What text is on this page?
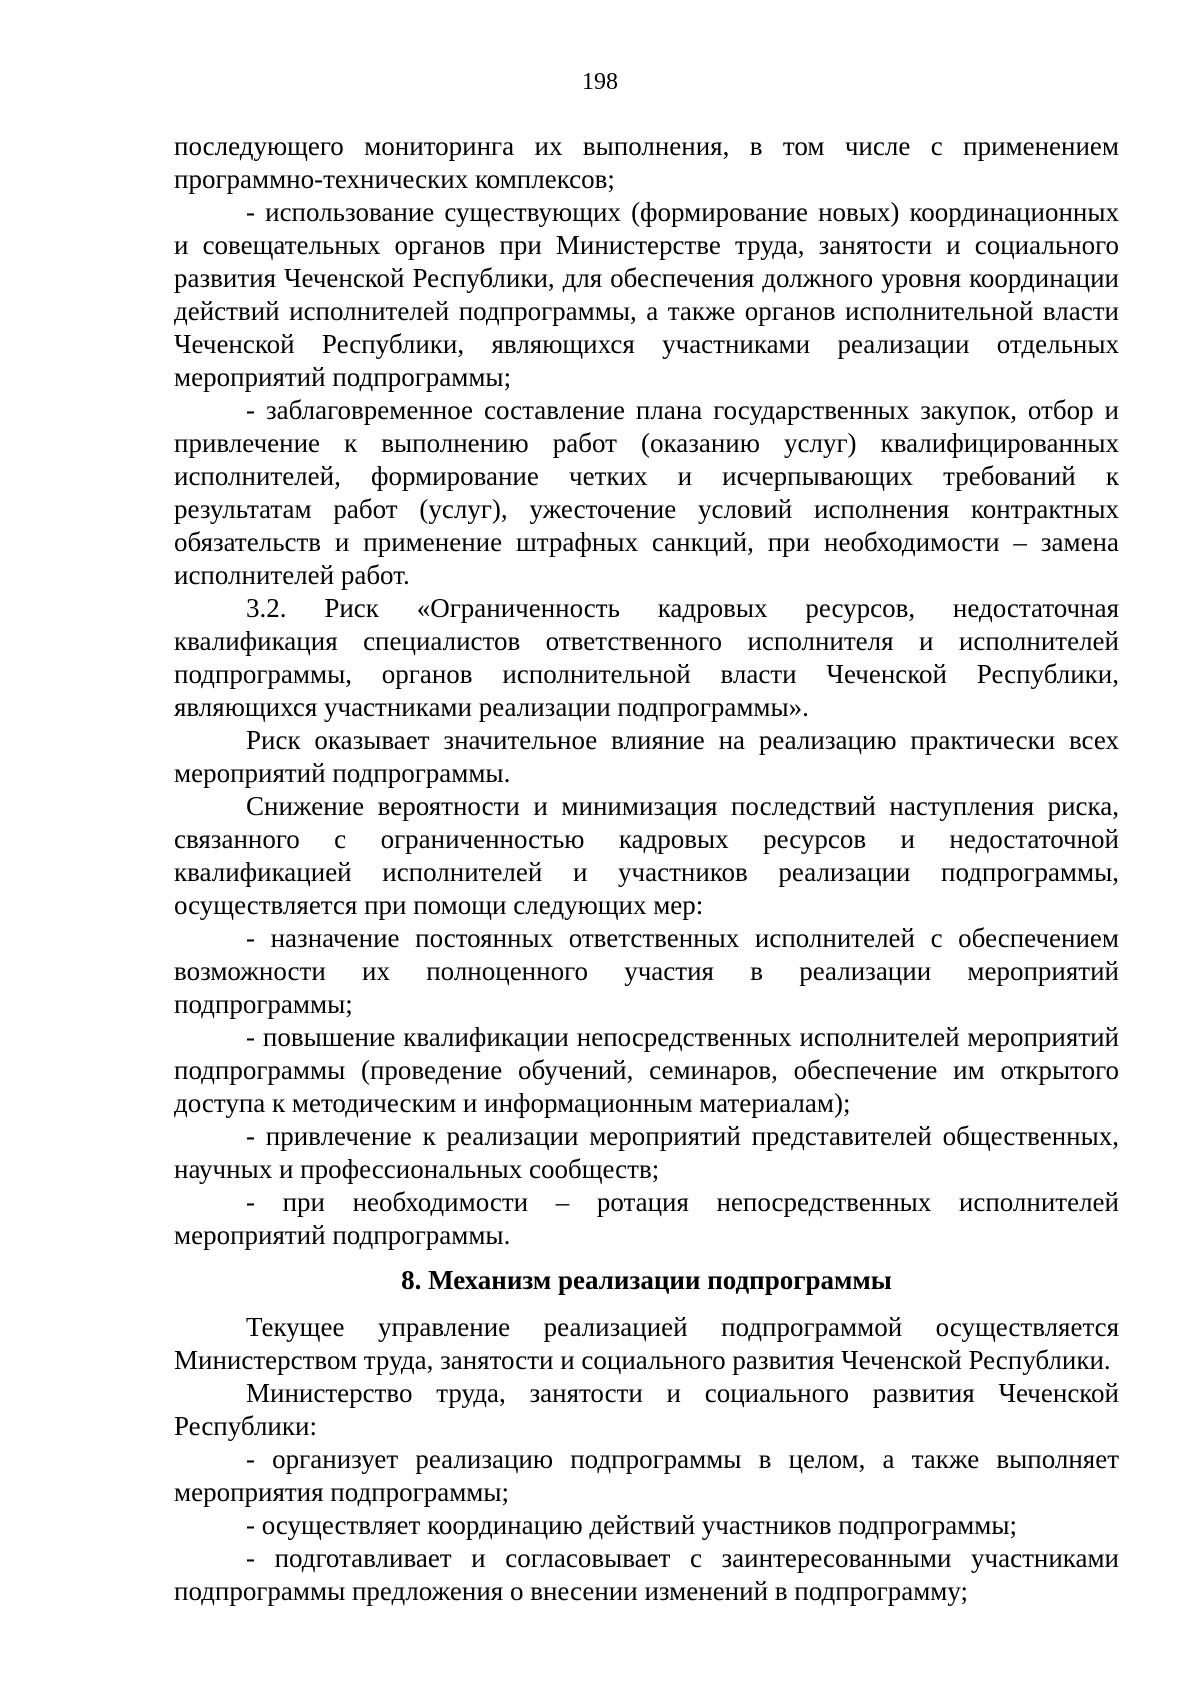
198

последующего мониторинга их выполнения, в том числе с применением программно-технических комплексов;

- использование существующих (формирование новых) координационных и совещательных органов при Министерстве труда, занятости и социального развития Чеченской Республики, для обеспечения должного уровня координации действий исполнителей подпрограммы, а также органов исполнительной власти Чеченской Республики, являющихся участниками реализации отдельных мероприятий подпрограммы;

- заблаговременное составление плана государственных закупок, отбор и привлечение к выполнению работ (оказанию услуг) квалифицированных исполнителей, формирование четких и исчерпывающих требований к результатам работ (услуг), ужесточение условий исполнения контрактных обязательств и применение штрафных санкций, при необходимости – замена исполнителей работ.

3.2. Риск «Ограниченность кадровых ресурсов, недостаточная квалификация специалистов ответственного исполнителя и исполнителей подпрограммы, органов исполнительной власти Чеченской Республики, являющихся участниками реализации подпрограммы».

Риск оказывает значительное влияние на реализацию практически всех мероприятий подпрограммы.

Снижение вероятности и минимизация последствий наступления риска, связанного с ограниченностью кадровых ресурсов и недостаточной квалификацией исполнителей и участников реализации подпрограммы, осуществляется при помощи следующих мер:

- назначение постоянных ответственных исполнителей с обеспечением возможности их полноценного участия в реализации мероприятий подпрограммы;

- повышение квалификации непосредственных исполнителей мероприятий подпрограммы (проведение обучений, семинаров, обеспечение им открытого доступа к методическим и информационным материалам);

- привлечение к реализации мероприятий представителей общественных, научных и профессиональных сообществ;

- при необходимости – ротация непосредственных исполнителей мероприятий подпрограммы.

8. Механизм реализации подпрограммы

Текущее управление реализацией подпрограммой осуществляется Министерством труда, занятости и социального развития Чеченской Республики.

Министерство труда, занятости и социального развития Чеченской Республики:

- организует реализацию подпрограммы в целом, а также выполняет мероприятия подпрограммы;

- осуществляет координацию действий участников подпрограммы;

- подготавливает и согласовывает с заинтересованными участниками подпрограммы предложения о внесении изменений в подпрограмму;
